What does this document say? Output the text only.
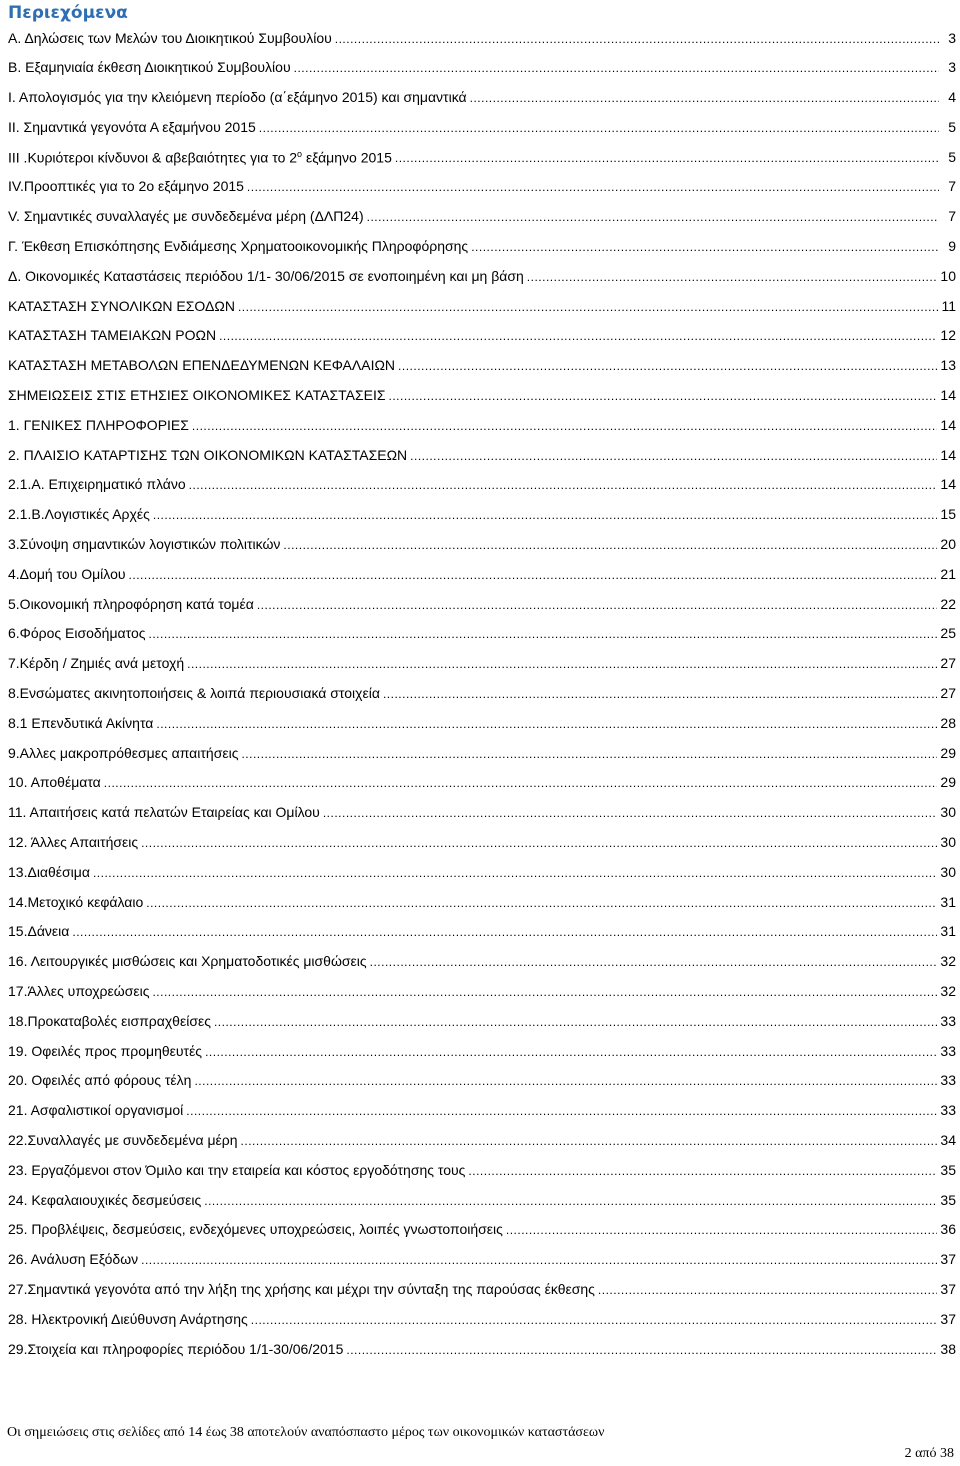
Περιεχόμενα
Α. Δηλώσεις των Μελών του Διοικητικού Συμβουλίου .....	3
Β. Εξαμηνιαία έκθεση Διοικητικού Συμβουλίου .....	3
Ι. Απολογισμός για την κλειόμενη περίοδο (α΄εξάμηνο 2015) και σημαντικά .....	4
ΙΙ. Σημαντικά γεγονότα Α εξαμήνου 2015 .....	5
ΙΙΙ .Κυριότεροι κίνδυνοι & αβεβαιότητες για το $2^o$ εξάμηνο 2015 .....	5
IV.Προοπτικές για το 2ο εξάμηνο 2015 .....	7
V. Σημαντικές συναλλαγές με συνδεδεμένα μέρη (ΔΛΠ24) .....	7
Γ. Έκθεση Επισκόπησης Ενδιάμεσης Χρηματοοικονομικής Πληροφόρησης .....	9
Δ. Οικονομικές Καταστάσεις περιόδου 1/1- 30/06/2015 σε ενοποιημένη και μη βάση .....	10
ΚΑΤΑΣΤΑΣΗ ΣΥΝΟΛΙΚΩΝ ΕΣΟΔΩΝ .....	11
ΚΑΤΑΣΤΑΣΗ ΤΑΜΕΙΑΚΩΝ ΡΟΩΝ .....	12
ΚΑΤΑΣΤΑΣΗ ΜΕΤΑΒΟΛΩΝ ΕΠΕΝΔΕΔΥΜΕΝΩΝ ΚΕΦΑΛΑΙΩΝ .....	13
ΣΗΜΕΙΩΣΕΙΣ ΣΤΙΣ ΕΤΗΣΙΕΣ ΟΙΚΟΝΟΜΙΚΕΣ ΚΑΤΑΣΤΑΣΕΙΣ .....	14
1. ΓΕΝΙΚΕΣ ΠΛΗΡΟΦΟΡΙΕΣ .....	14
2. ΠΛΑΙΣΙΟ ΚΑΤΑΡΤΙΣΗΣ ΤΩΝ ΟΙΚΟΝΟΜΙΚΩΝ ΚΑΤΑΣΤΑΣΕΩΝ .....	14
2.1.Α. Επιχειρηματικό πλάνο .....	14
2.1.Β.Λογιστικές Αρχές .....	15
3.Σύνοψη σημαντικών λογιστικών πολιτικών .....	20
4.Δομή του Ομίλου .....	21
5.Οικονομική πληροφόρηση κατά τομέα .....	22
6.Φόρος Εισοδήματος .....	25
7.Κέρδη / Ζημιές ανά μετοχή .....	27
8.Ενσώματες ακινητοποιήσεις & λοιπά περιουσιακά στοιχεία .....	27
8.1 Επενδυτικά Ακίνητα .....	28
9.Αλλες μακροπρόθεσμες απαιτήσεις .....	29
10. Αποθέματα .....	29
11. Απαιτήσεις κατά πελατών Εταιρείας και Ομίλου .....	30
12. Άλλες Απαιτήσεις .....	30
13.Διαθέσιμα .....	30
14.Μετοχικό κεφάλαιο .....	31
15.Δάνεια .....	31
16. Λειτουργικές μισθώσεις και Χρηματοδοτικές μισθώσεις .....	32
17.Άλλες υποχρεώσεις .....	32
18.Προκαταβολές εισπραχθείσες .....	33
19. Οφειλές προς προμηθευτές .....	33
20. Οφειλές από φόρους τέλη .....	33
21. Ασφαλιστικοί οργανισμοί .....	33
22.Συναλλαγές με συνδεδεμένα μέρη .....	34
23. Εργαζόμενοι στον Όμιλο και την εταιρεία και κόστος εργοδότησης τους .....	35
24. Κεφαλαιουχικές δεσμεύσεις .....	35
25. Προβλέψεις, δεσμεύσεις, ενδεχόμενες υποχρεώσεις, λοιπές γνωστοποιήσεις .....	36
26. Ανάλυση Εξόδων .....	37
27.Σημαντικά γεγονότα από την λήξη της χρήσης και μέχρι την σύνταξη της παρούσας έκθεσης .....	37
28. Ηλεκτρονική Διεύθυνση Ανάρτησης .....	37
29.Στοιχεία και πληροφορίες περιόδου 1/1-30/06/2015 .....	38

Οι σημειώσεις στις σελίδες από 14 έως 38 αποτελούν αναπόσπαστο μέρος των οικονομικών καταστάσεων

2 από 38
